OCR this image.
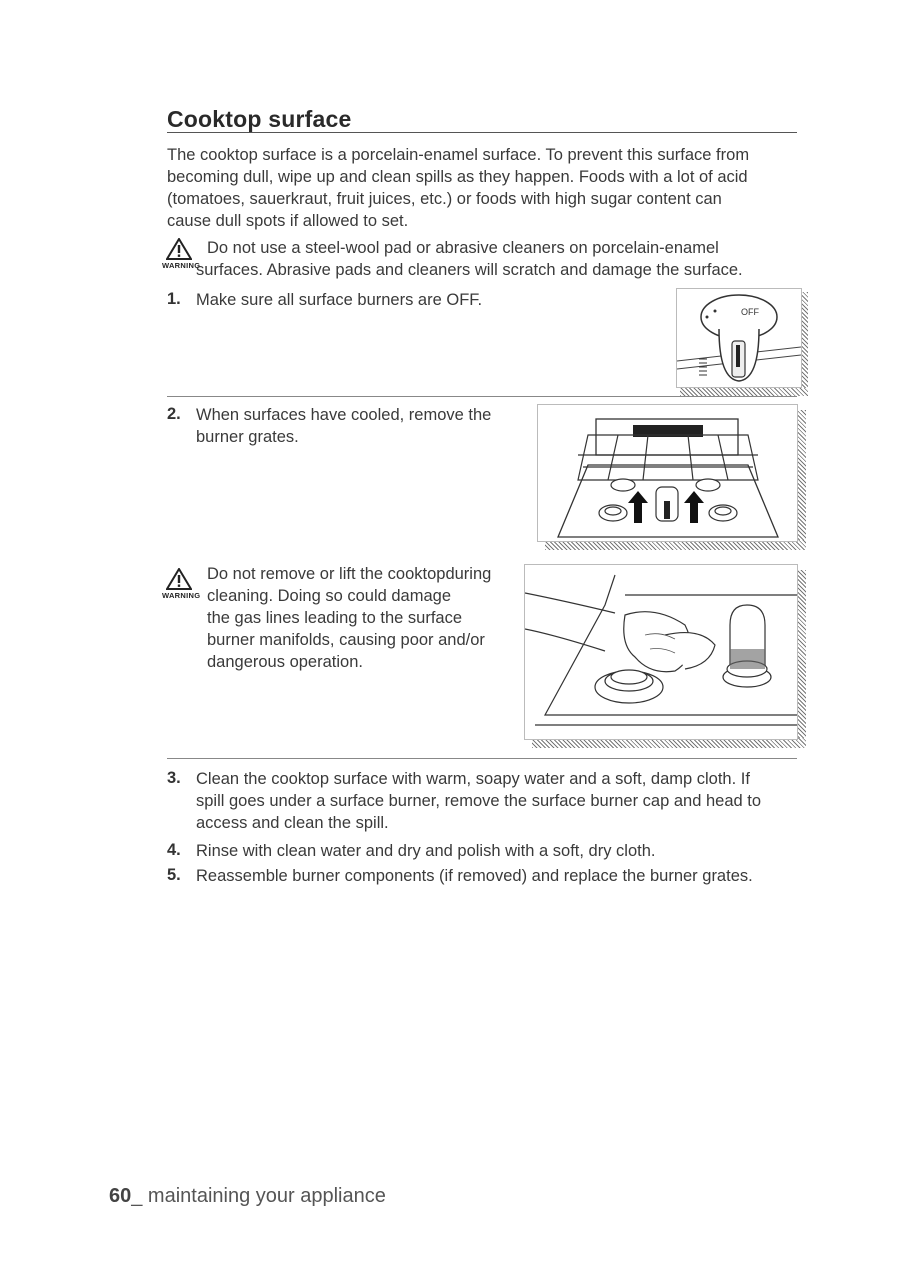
Cooktop surface
The cooktop surface is a porcelain-enamel surface. To prevent this surface from
becoming dull, wipe up and clean spills as they happen. Foods with a lot of acid
(tomatoes, sauerkraut, fruit juices, etc.) or foods with high sugar content can
cause dull spots if allowed to set.
WARNING
Do not use a steel-wool pad or abrasive cleaners on porcelain-enamel
surfaces. Abrasive pads and cleaners will scratch and damage the surface.
1. Make sure all surface burners are OFF.
OFF
2. When surfaces have cooled, remove the
burner grates.
WARNING
Do not remove or lift the cooktopduring
cleaning. Doing so could damage
the gas lines leading to the surface
burner manifolds, causing poor and/or
dangerous operation.
3. Clean the cooktop surface with warm, soapy water and a soft, damp cloth. If
spill goes under a surface burner, remove the surface burner cap and head to
access and clean the spill.
4. Rinse with clean water and dry and polish with a soft, dry cloth.
5. Reassemble burner components (if removed) and replace the burner grates.
60_ maintaining your appliance
